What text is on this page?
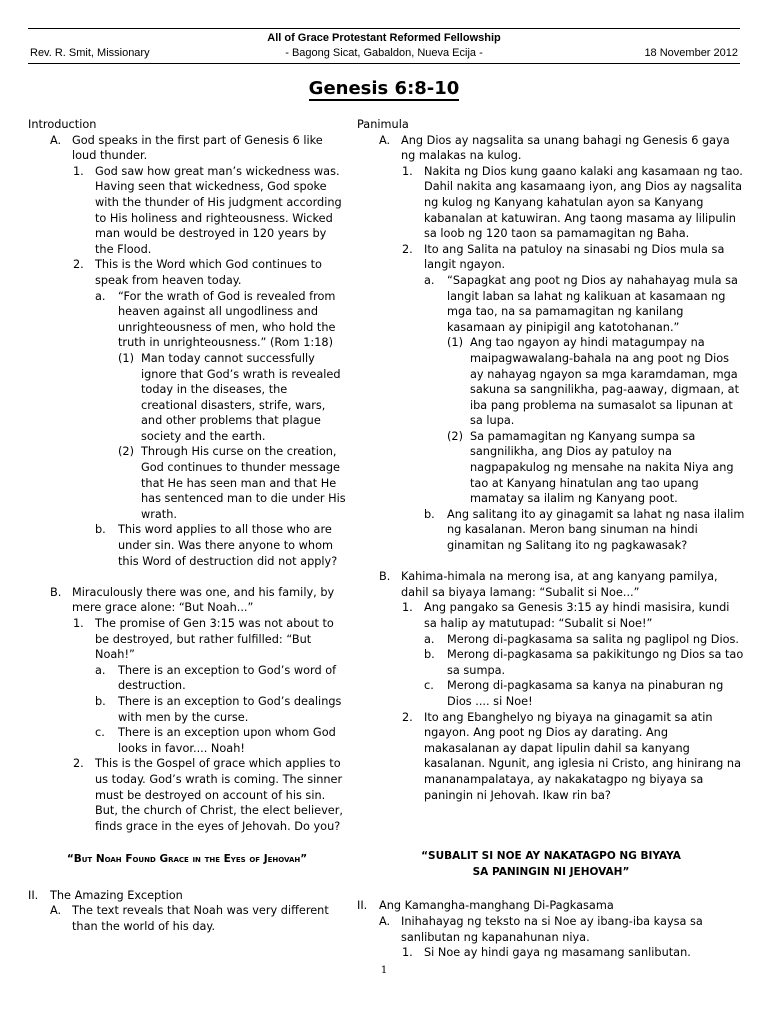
All of Grace Protestant Reformed Fellowship
Rev. R. Smit, Missionary	- Bagong Sicat, Gabaldon, Nueva Ecija -	18 November 2012
Genesis 6:8-10
Introduction
A. God speaks in the first part of Genesis 6 like loud thunder.
1. God saw how great man’s wickedness was. Having seen that wickedness, God spoke with the thunder of His judgment according to His holiness and righteousness. Wicked man would be destroyed in 120 years by the Flood.
2. This is the Word which God continues to speak from heaven today.
a. “For the wrath of God is revealed from heaven against all ungodliness and unrighteousness of men, who hold the truth in unrighteousness.” (Rom 1:18)
(1) Man today cannot successfully ignore that God’s wrath is revealed today in the diseases, the creational disasters, strife, wars, and other problems that plague society and the earth.
(2) Through His curse on the creation, God continues to thunder message that He has seen man and that He has sentenced man to die under His wrath.
b. This word applies to all those who are under sin. Was there anyone to whom this Word of destruction did not apply?
B. Miraculously there was one, and his family, by mere grace alone: “But Noah...”
1. The promise of Gen 3:15 was not about to be destroyed, but rather fulfilled: “But Noah!”
a. There is an exception to God’s word of destruction.
b. There is an exception to God’s dealings with men by the curse.
c. There is an exception upon whom God looks in favor.... Noah!
2. This is the Gospel of grace which applies to us today. God’s wrath is coming. The sinner must be destroyed on account of his sin. But, the church of Christ, the elect believer, finds grace in the eyes of Jehovah. Do you?
“But Noah Found Grace in the Eyes of Jehovah”
II. The Amazing Exception
A. The text reveals that Noah was very different than the world of his day.
Panimula
A. Ang Dios ay nagsalita sa unang bahagi ng Genesis 6 gaya ng malakas na kulog.
1. Nakita ng Dios kung gaano kalaki ang kasamaan ng tao. Dahil nakita ang kasamaang iyon, ang Dios ay nagsalita ng kulog ng Kanyang kahatulan ayon sa Kanyang kabanalan at katuwiran. Ang taong masama ay lilipulin sa loob ng 120 taon sa pamamagitan ng Baha.
2. Ito ang Salita na patuloy na sinasabi ng Dios mula sa langit ngayon.
a. “Sapagkat ang poot ng Dios ay nahahayag mula sa langit laban sa lahat ng kalikuan at kasamaan ng mga tao, na sa pamamagitan ng kanilang kasamaan ay pinipigil ang katotohanan.”
(1) Ang tao ngayon ay hindi matagumpay na maipagwawalang-bahala na ang poot ng Dios ay nahayag ngayon sa mga karamdaman, mga sakuna sa sangnilikha, pag-aaway, digmaan, at iba pang problema na sumasalot sa lipunan at sa lupa.
(2) Sa pamamagitan ng Kanyang sumpa sa sangnilikha, ang Dios ay patuloy na nagpapakulog ng mensahe na nakita Niya ang tao at Kanyang hinatulan ang tao upang mamatay sa ilalim ng Kanyang poot.
b. Ang salitang ito ay ginagamit sa lahat ng nasa ilalim ng kasalanan. Meron bang sinuman na hindi ginamitan ng Salitang ito ng pagkawasak?
B. Kahima-himala na merong isa, at ang kanyang pamilya, dahil sa biyaya lamang: “Subalit si Noe...”
1. Ang pangako sa Genesis 3:15 ay hindi masisira, kundi sa halip ay matutupad: “Subalit si Noe!”
a. Merong di-pagkasama sa salita ng paglipol ng Dios.
b. Merong di-pagkasama sa pakikitungo ng Dios sa tao sa sumpa.
c. Merong di-pagkasama sa kanya na pinaburan ng Dios .... si Noe!
2. Ito ang Ebanghelyo ng biyaya na ginagamit sa atin ngayon. Ang poot ng Dios ay darating. Ang makasalanan ay dapat lipulin dahil sa kanyang kasalanan. Ngunit, ang iglesia ni Cristo, ang hinirang na mananampalataya, ay nakakatagpo ng biyaya sa paningin ni Jehovah. Ikaw rin ba?
“SUBALIT SI NOE AY NAKATAGPO NG BIYAYA
SA PANINGIN NI JEHOVAH”
II. Ang Kamangha-manghang Di-Pagkasama
A. Inihahayag ng teksto na si Noe ay ibang-iba kaysa sa sanlibutan ng kapanahunan niya.
1. Si Noe ay hindi gaya ng masamang sanlibutan.
1
